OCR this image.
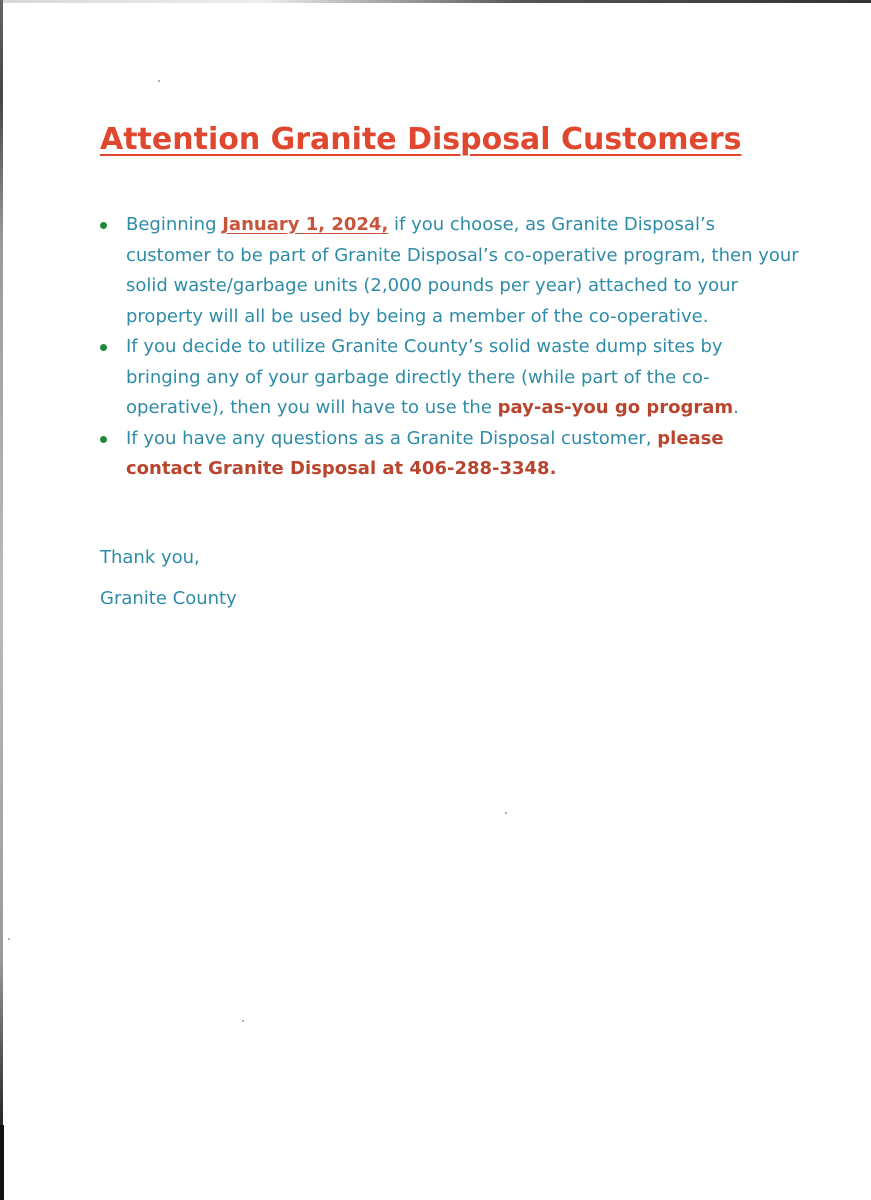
Attention Granite Disposal Customers
Beginning January 1, 2024, if you choose, as Granite Disposal’s customer to be part of Granite Disposal’s co-operative program, then your solid waste/garbage units (2,000 pounds per year) attached to your property will all be used by being a member of the co-operative.
If you decide to utilize Granite County’s solid waste dump sites by bringing any of your garbage directly there (while part of the co-operative), then you will have to use the pay-as-you go program.
If you have any questions as a Granite Disposal customer, please contact Granite Disposal at 406-288-3348.
Thank you,
Granite County
